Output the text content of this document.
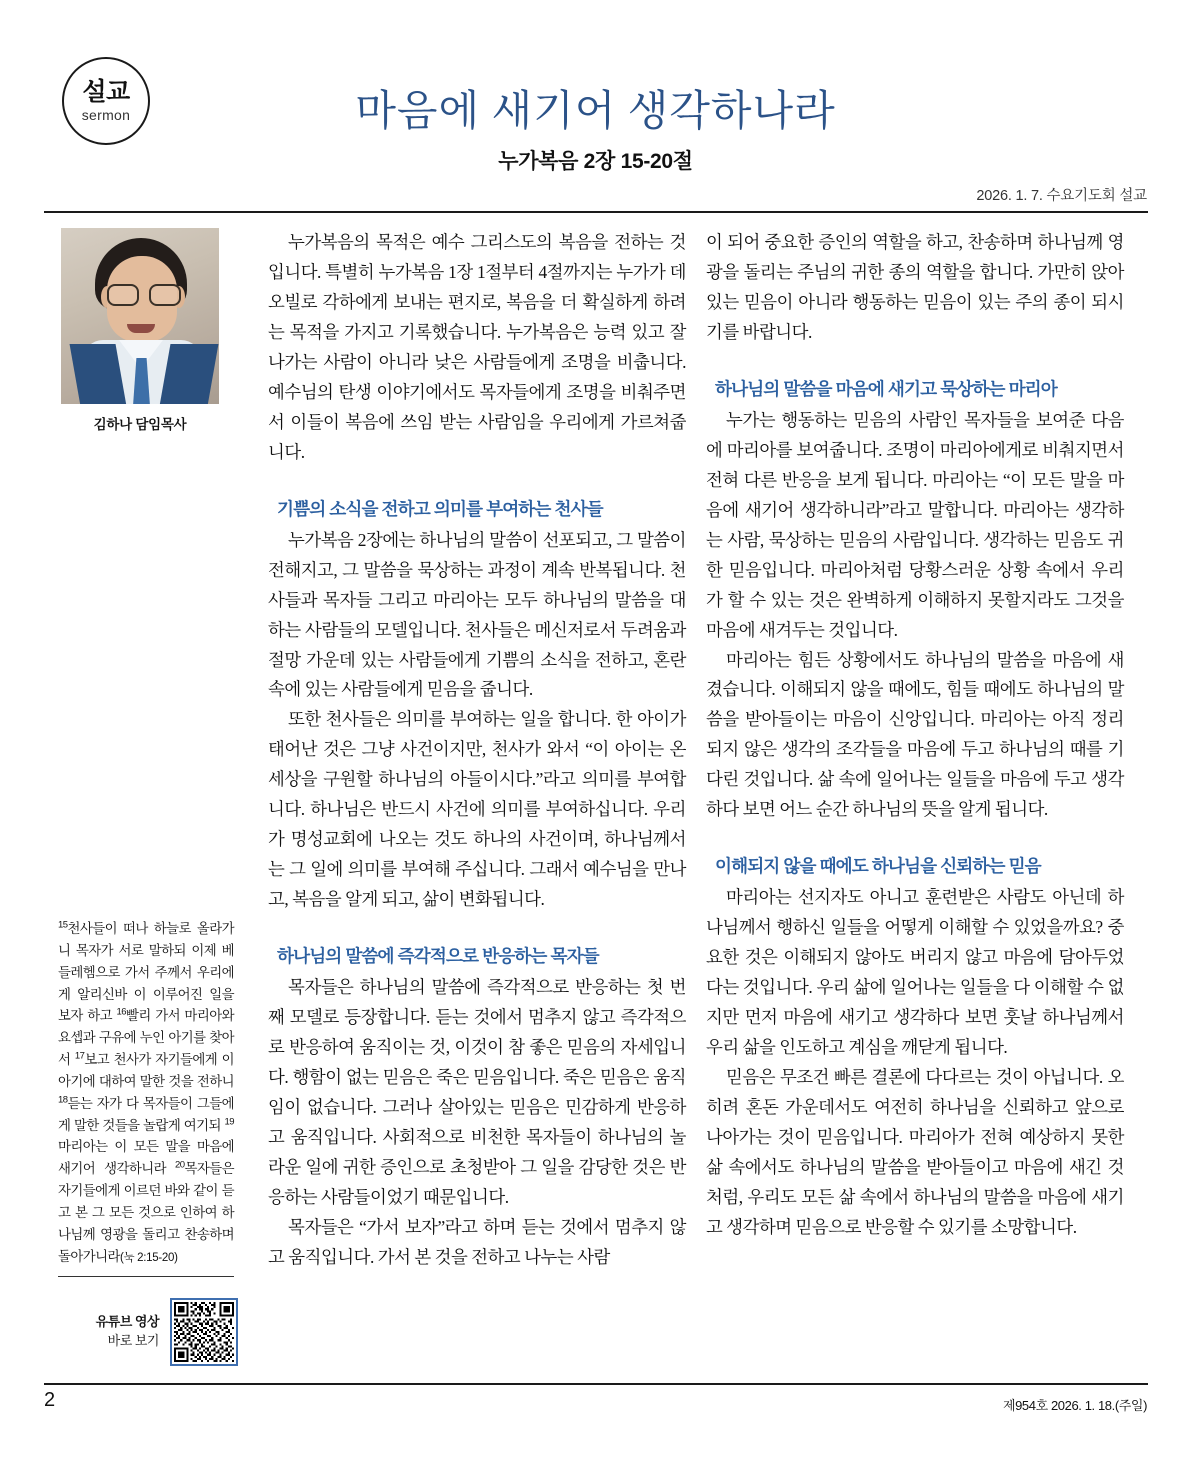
설교
sermon	마음에 새기어 생각하나라
누가복음 2장 15-20절
2026. 1. 7. 수요기도회 설교
김하나 담임목사
$^{15}$천사들이 떠나 하늘로 올라가니 목자가 서로 말하되 이제 베들레헴으로 가서 주께서 우리에게 알리신바 이 이루어진 일을 보자 하고 $^{16}$빨리 가서 마리아와 요셉과 구유에 누인 아기를 찾아서 $^{17}$보고 천사가 자기들에게 이 아기에 대하여 말한 것을 전하니 $^{18}$듣는 자가 다 목자들이 그들에게 말한 것들을 놀랍게 여기되 $^{19}$마리아는 이 모든 말을 마음에 새기어 생각하니라 $^{20}$목자들은 자기들에게 이르던 바와 같이 듣고 본 그 모든 것으로 인하여 하나님께 영광을 돌리고 찬송하며 돌아가니라(눅 2:15-20)
유튜브 영상
바로 보기

누가복음의 목적은 예수 그리스도의 복음을 전하는 것입니다. 특별히 누가복음 1장 1절부터 4절까지는 누가가 데오빌로 각하에게 보내는 편지로, 복음을 더 확실하게 하려는 목적을 가지고 기록했습니다. 누가복음은 능력 있고 잘나가는 사람이 아니라 낮은 사람들에게 조명을 비춥니다. 예수님의 탄생 이야기에서도 목자들에게 조명을 비춰주면서 이들이 복음에 쓰임 받는 사람임을 우리에게 가르쳐줍니다.

기쁨의 소식을 전하고 의미를 부여하는 천사들

누가복음 2장에는 하나님의 말씀이 선포되고, 그 말씀이 전해지고, 그 말씀을 묵상하는 과정이 계속 반복됩니다. 천사들과 목자들 그리고 마리아는 모두 하나님의 말씀을 대하는 사람들의 모델입니다. 천사들은 메신저로서 두려움과 절망 가운데 있는 사람들에게 기쁨의 소식을 전하고, 혼란 속에 있는 사람들에게 믿음을 줍니다.

또한 천사들은 의미를 부여하는 일을 합니다. 한 아이가 태어난 것은 그냥 사건이지만, 천사가 와서 “이 아이는 온 세상을 구원할 하나님의 아들이시다.”라고 의미를 부여합니다. 하나님은 반드시 사건에 의미를 부여하십니다. 우리가 명성교회에 나오는 것도 하나의 사건이며, 하나님께서는 그 일에 의미를 부여해 주십니다. 그래서 예수님을 만나고, 복음을 알게 되고, 삶이 변화됩니다.

하나님의 말씀에 즉각적으로 반응하는 목자들

목자들은 하나님의 말씀에 즉각적으로 반응하는 첫 번째 모델로 등장합니다. 듣는 것에서 멈추지 않고 즉각적으로 반응하여 움직이는 것, 이것이 참 좋은 믿음의 자세입니다. 행함이 없는 믿음은 죽은 믿음입니다. 죽은 믿음은 움직임이 없습니다. 그러나 살아있는 믿음은 민감하게 반응하고 움직입니다. 사회적으로 비천한 목자들이 하나님의 놀라운 일에 귀한 증인으로 초청받아 그 일을 감당한 것은 반응하는 사람들이었기 때문입니다.

목자들은 “가서 보자”라고 하며 듣는 것에서 멈추지 않고 움직입니다. 가서 본 것을 전하고 나누는 사람

이 되어 중요한 증인의 역할을 하고, 찬송하며 하나님께 영광을 돌리는 주님의 귀한 종의 역할을 합니다. 가만히 앉아 있는 믿음이 아니라 행동하는 믿음이 있는 주의 종이 되시기를 바랍니다.

하나님의 말씀을 마음에 새기고 묵상하는 마리아

누가는 행동하는 믿음의 사람인 목자들을 보여준 다음에 마리아를 보여줍니다. 조명이 마리아에게로 비춰지면서 전혀 다른 반응을 보게 됩니다. 마리아는 “이 모든 말을 마음에 새기어 생각하니라”라고 말합니다. 마리아는 생각하는 사람, 묵상하는 믿음의 사람입니다. 생각하는 믿음도 귀한 믿음입니다. 마리아처럼 당황스러운 상황 속에서 우리가 할 수 있는 것은 완벽하게 이해하지 못할지라도 그것을 마음에 새겨두는 것입니다.

마리아는 힘든 상황에서도 하나님의 말씀을 마음에 새겼습니다. 이해되지 않을 때에도, 힘들 때에도 하나님의 말씀을 받아들이는 마음이 신앙입니다. 마리아는 아직 정리되지 않은 생각의 조각들을 마음에 두고 하나님의 때를 기다린 것입니다. 삶 속에 일어나는 일들을 마음에 두고 생각하다 보면 어느 순간 하나님의 뜻을 알게 됩니다.

이해되지 않을 때에도 하나님을 신뢰하는 믿음

마리아는 선지자도 아니고 훈련받은 사람도 아닌데 하나님께서 행하신 일들을 어떻게 이해할 수 있었을까요? 중요한 것은 이해되지 않아도 버리지 않고 마음에 담아두었다는 것입니다. 우리 삶에 일어나는 일들을 다 이해할 수 없지만 먼저 마음에 새기고 생각하다 보면 훗날 하나님께서 우리 삶을 인도하고 계심을 깨닫게 됩니다.

믿음은 무조건 빠른 결론에 다다르는 것이 아닙니다. 오히려 혼돈 가운데서도 여전히 하나님을 신뢰하고 앞으로 나아가는 것이 믿음입니다. 마리아가 전혀 예상하지 못한 삶 속에서도 하나님의 말씀을 받아들이고 마음에 새긴 것처럼, 우리도 모든 삶 속에서 하나님의 말씀을 마음에 새기고 생각하며 믿음으로 반응할 수 있기를 소망합니다.

2	제954호 2026. 1. 18.(주일)
